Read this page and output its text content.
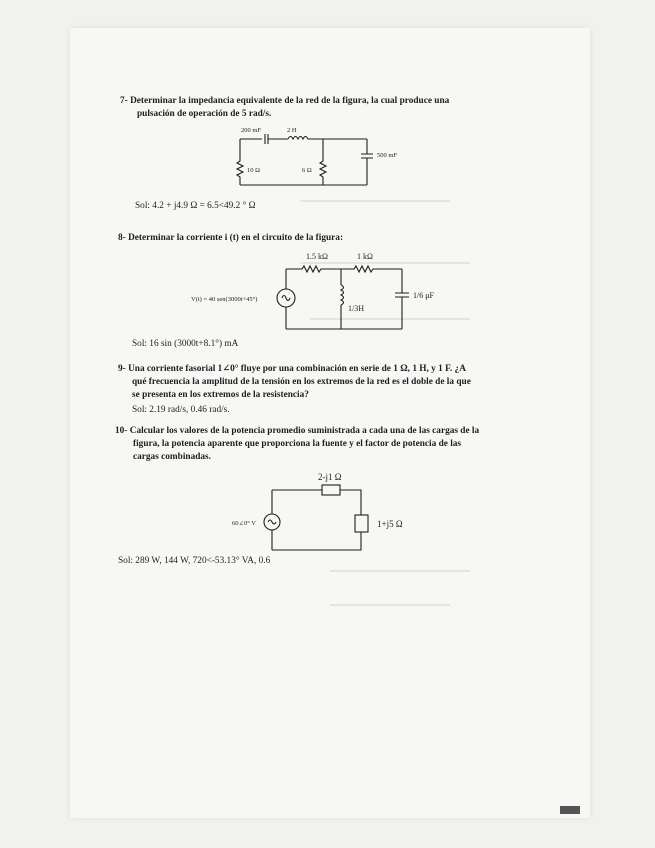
7- Determinar la impedancia equivalente de la red de la figura, la cual produce una
pulsación de operación de 5 rad/s.
200 mF	2 H
500 mF
10 Ω	6 Ω
Sol: 4.2 + j4.9 Ω = 6.5<49.2 ° Ω
8- Determinar la corriente i (t) en el circuito de la figura:
1.5 kΩ	1 kΩ
V(t) = 40 sen(3000t+45°)
1/3H
1/6 μF
Sol: 16 sin (3000t+8.1°) mA
9- Una corriente fasorial 1∠0° fluye por una combinación en serie de 1 Ω, 1 H, y 1 F. ¿A
qué frecuencia la amplitud de la tensión en los extremos de la red es el doble de la que
se presenta en los extremos de la resistencia?
Sol: 2.19 rad/s, 0.46 rad/s.
10- Calcular los valores de la potencia promedio suministrada a cada una de las cargas de la
figura, la potencia aparente que proporciona la fuente y el factor de potencia de las
cargas combinadas.
2-j1 Ω
1+j5 Ω
60∠0° V
Sol: 289 W, 144 W, 720<-53.13° VA, 0.6
